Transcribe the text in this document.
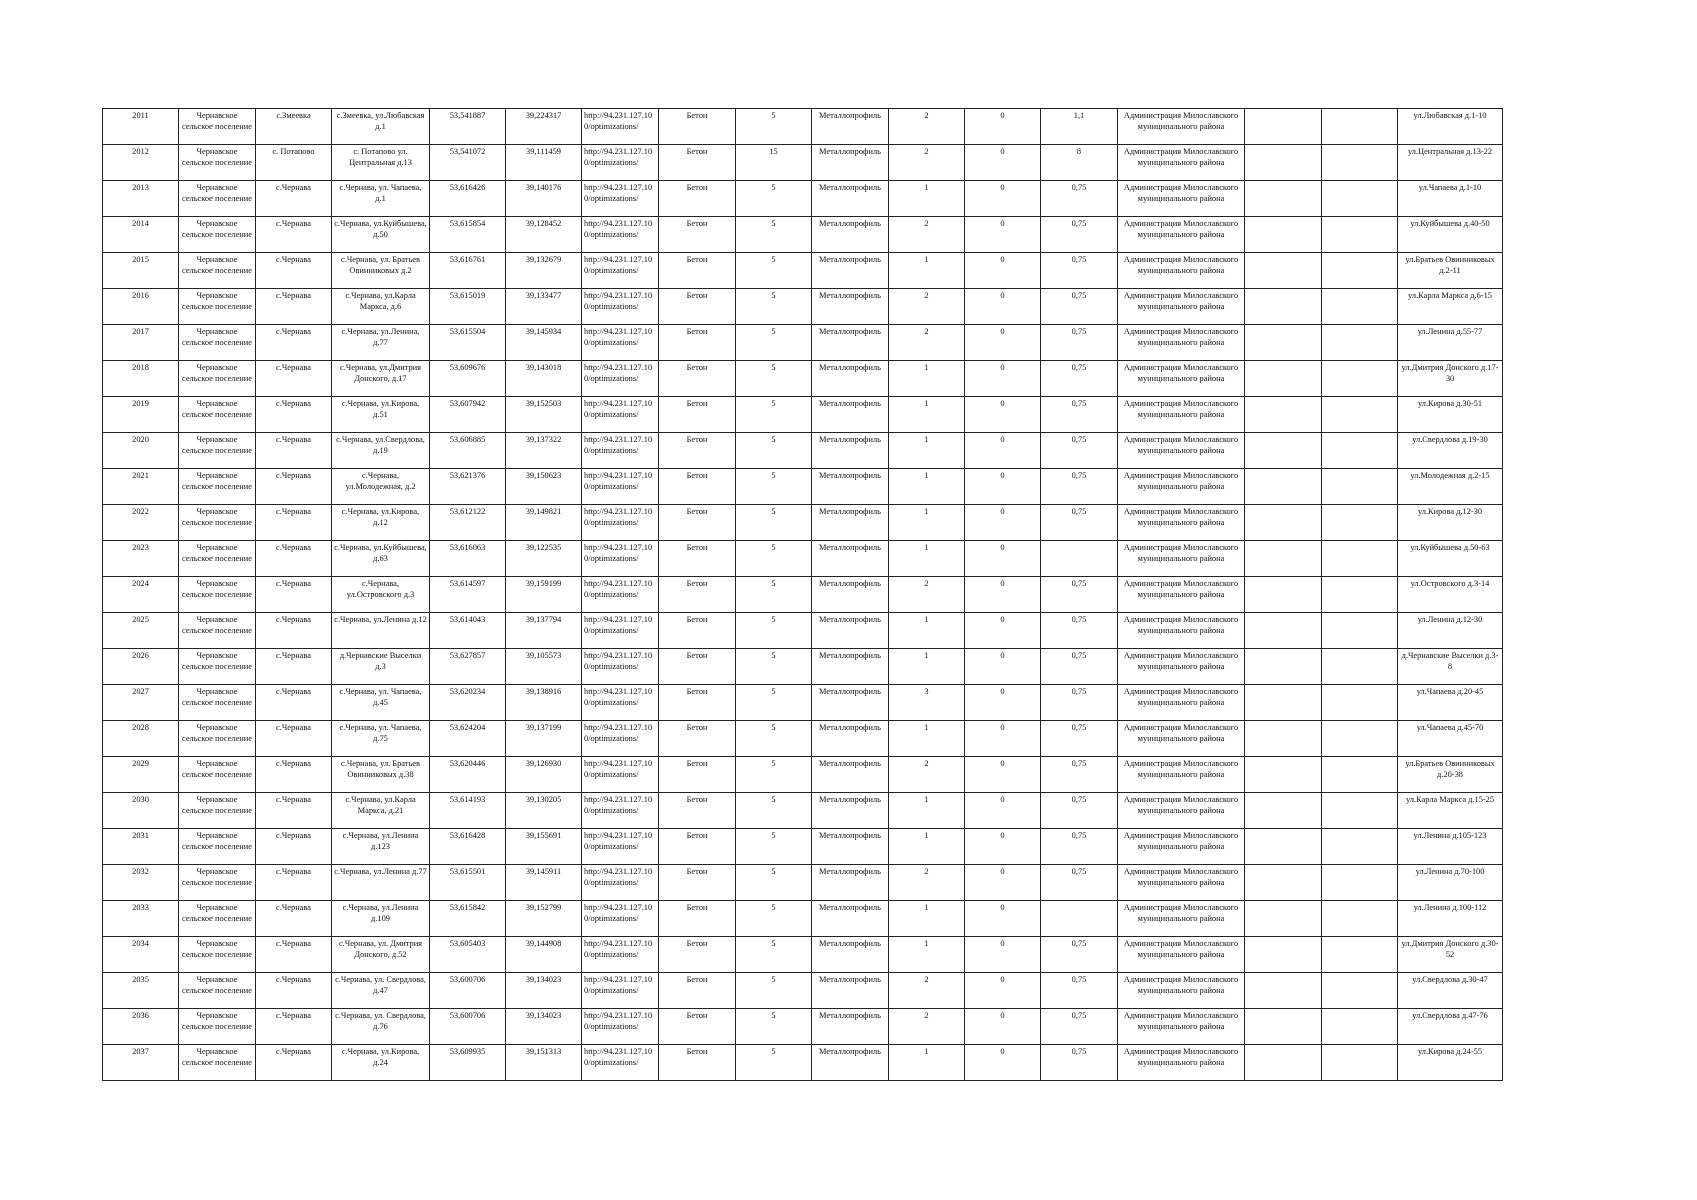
2011	Чернавское сельское поселение	с.Змеевка	с.Змеевка, ул.Любавская д.1	53,541887	39,224317	http://94.231.127.10 0/optimizations/	Бетон	5	Металлопрофиль	2	0	1,1	Администрация Милославского муниципального района			ул.Любавская д.1-10
2012	Чернавское сельское поселение	с. Потапово	с. Потапово ул. Центральная д.13	53,541072	39,111459	http://94.231.127.10 0/optimizations/	Бетон	15	Металлопрофиль	2	0	8	Администрация Милославского муниципального района			ул.Центральная д.13-22
2013	Чернавское сельское поселение	с.Чернава	с.Чернава, ул. Чапаева, д.1	53,616426	39,140176	http://94.231.127.10 0/optimizations/	Бетон	5	Металлопрофиль	1	0	0,75	Администрация Милославского муниципального района			ул.Чапаева д.1-10
2014	Чернавское сельское поселение	с.Чернава	с.Чернава, ул.Куйбышева, д.50	53,615854	39,128452	http://94.231.127.10 0/optimizations/	Бетон	5	Металлопрофиль	2	0	0,75	Администрация Милославского муниципального района			ул.Куйбышева д.40-50
2015	Чернавское сельское поселение	с.Чернава	с.Чернава, ул. Братьев Овинниковых д.2	53,616761	39,132679	http://94.231.127.10 0/optimizations/	Бетон	5	Металлопрофиль	1	0	0,75	Администрация Милославского муниципального района			ул.Братьев Овинниковых д.2-11
2016	Чернавское сельское поселение	с.Чернава	с.Чернава, ул.Карла Маркса, д.6	53,615019	39,133477	http://94.231.127.10 0/optimizations/	Бетон	5	Металлопрофиль	2	0	0,75	Администрация Милославского муниципального района			ул.Карла Маркса д.6-15
2017	Чернавское сельское поселение	с.Чернава	с.Чернава, ул.Ленина, д.77	53,615504	39,145934	http://94.231.127.10 0/optimizations/	Бетон	5	Металлопрофиль	2	0	0,75	Администрация Милославского муниципального района			ул.Ленина д.55-77
2018	Чернавское сельское поселение	с.Чернава	с.Чернава, ул.Дмитрия Донского, д.17	53,609676	39,143018	http://94.231.127.10 0/optimizations/	Бетон	5	Металлопрофиль	1	0	0,75	Администрация Милославского муниципального района			ул.Дмитрия Донского д.17-30
2019	Чернавское сельское поселение	с.Чернава	с.Чернава, ул.Кирова, д.51	53,607942	39,152503	http://94.231.127.10 0/optimizations/	Бетон	5	Металлопрофиль	1	0	0,75	Администрация Милославского муниципального района			ул.Кирова д.30-51
2020	Чернавское сельское поселение	с.Чернава	с.Чернава, ул.Свердлова, д.19	53,606885	39,137322	http://94.231.127.10 0/optimizations/	Бетон	5	Металлопрофиль	1	0	0,75	Администрация Милославского муниципального района			ул.Свердлова д.19-30
2021	Чернавское сельское поселение	с.Чернава	с.Чернава, ул.Молодежная, д.2	53,621376	39,150623	http://94.231.127.10 0/optimizations/	Бетон	5	Металлопрофиль	1	0	0,75	Администрация Милославского муниципального района			ул.Молодежная д.2-15
2022	Чернавское сельское поселение	с.Чернава	с.Чернава, ул.Кирова, д.12	53,612122	39,149821	http://94.231.127.10 0/optimizations/	Бетон	5	Металлопрофиль	1	0	0,75	Администрация Милославского муниципального района			ул.Кирова д.12-30
2023	Чернавское сельское поселение	с.Чернава	с.Чернава, ул.Куйбышева, д.63	53,616063	39,122535	http://94.231.127.10 0/optimizations/	Бетон	5	Металлопрофиль	1	0		Администрация Милославского муниципального района			ул.Куйбышева д.50-63
2024	Чернавское сельское поселение	с.Чернава	с.Чернава, ул.Островского д.3	53,614597	39,159199	http://94.231.127.10 0/optimizations/	Бетон	5	Металлопрофиль	2	0	0,75	Администрация Милославского муниципального района			ул.Островского д.3-14
2025	Чернавское сельское поселение	с.Чернава	с.Чернава, ул.Ленина д.12	53,614043	39,137794	http://94.231.127.10 0/optimizations/	Бетон	5	Металлопрофиль	1	0	0,75	Администрация Милославского муниципального района			ул.Ленина д.12-30
2026	Чернавское сельское поселение	с.Чернава	д.Чернавские Выселки д.3	53,627857	39,105573	http://94.231.127.10 0/optimizations/	Бетон	5	Металлопрофиль	1	0	0,75	Администрация Милославского муниципального района			д.Чернавские Выселки д.3-8
2027	Чернавское сельское поселение	с.Чернава	с.Чернава, ул. Чапаева, д.45	53,620234	39,138916	http://94.231.127.10 0/optimizations/	Бетон	5	Металлопрофиль	3	0	0,75	Администрация Милославского муниципального района			ул.Чапаева д.20-45
2028	Чернавское сельское поселение	с.Чернава	с.Чернава, ул. Чапаева, д.75	53,624204	39,137199	http://94.231.127.10 0/optimizations/	Бетон	5	Металлопрофиль	1	0	0,75	Администрация Милославского муниципального района			ул.Чапаева д.45-70
2029	Чернавское сельское поселение	с.Чернава	с.Чернава, ул. Братьев Овинниковых д.38	53,620446	39,126930	http://94.231.127.10 0/optimizations/	Бетон	5	Металлопрофиль	2	0	0,75	Администрация Милославского муниципального района			ул.Братьев Овинниковых д.20-38
2030	Чернавское сельское поселение	с.Чернава	с.Чернава, ул.Карла Маркса, д.21	53,614193	39,130205	http://94.231.127.10 0/optimizations/	Бетон	5	Металлопрофиль	1	0	0,75	Администрация Милославского муниципального района			ул.Карла Маркса д.15-25
2031	Чернавское сельское поселение	с.Чернава	с.Чернава, ул.Ленина д.123	53,616428	39,155691	http://94.231.127.10 0/optimizations/	Бетон	5	Металлопрофиль	1	0	0,75	Администрация Милославского муниципального района			ул.Ленина д.105-123
2032	Чернавское сельское поселение	с.Чернава	с.Чернава, ул.Ленина д.77	53,615501	39,145911	http://94.231.127.10 0/optimizations/	Бетон	5	Металлопрофиль	2	0	0,75	Администрация Милославского муниципального района			ул.Ленина д.70-100
2033	Чернавское сельское поселение	с.Чернава	с.Чернава, ул.Ленина д.109	53,615842	39,152799	http://94.231.127.10 0/optimizations/	Бетон	5	Металлопрофиль	1	0		Администрация Милославского муниципального района			ул.Ленина д.100-112
2034	Чернавское сельское поселение	с.Чернава	с.Чернава, ул. Дмитрия Донского, д.52	53,605403	39,144908	http://94.231.127.10 0/optimizations/	Бетон	5	Металлопрофиль	1	0	0,75	Администрация Милославского муниципального района			ул.Дмитрия Донского д.30-52
2035	Чернавское сельское поселение	с.Чернава	с.Чернава, ул. Свердлова, д.47	53,600706	39,134023	http://94.231.127.10 0/optimizations/	Бетон	5	Металлопрофиль	2	0	0,75	Администрация Милославского муниципального района			ул.Свердлова д.30-47
2036	Чернавское сельское поселение	с.Чернава	с.Чернава, ул. Свердлова, д.76	53,600706	39,134023	http://94.231.127.10 0/optimizations/	Бетон	5	Металлопрофиль	2	0	0,75	Администрация Милославского муниципального района			ул.Свердлова д.47-76
2037	Чернавское сельское поселение	с.Чернава	с.Чернава, ул.Кирова, д.24	53,609935	39,151313	http://94.231.127.10 0/optimizations/	Бетон	5	Металлопрофиль	1	0	0,75	Администрация Милославского муниципального района			ул.Кирова д.24-55
